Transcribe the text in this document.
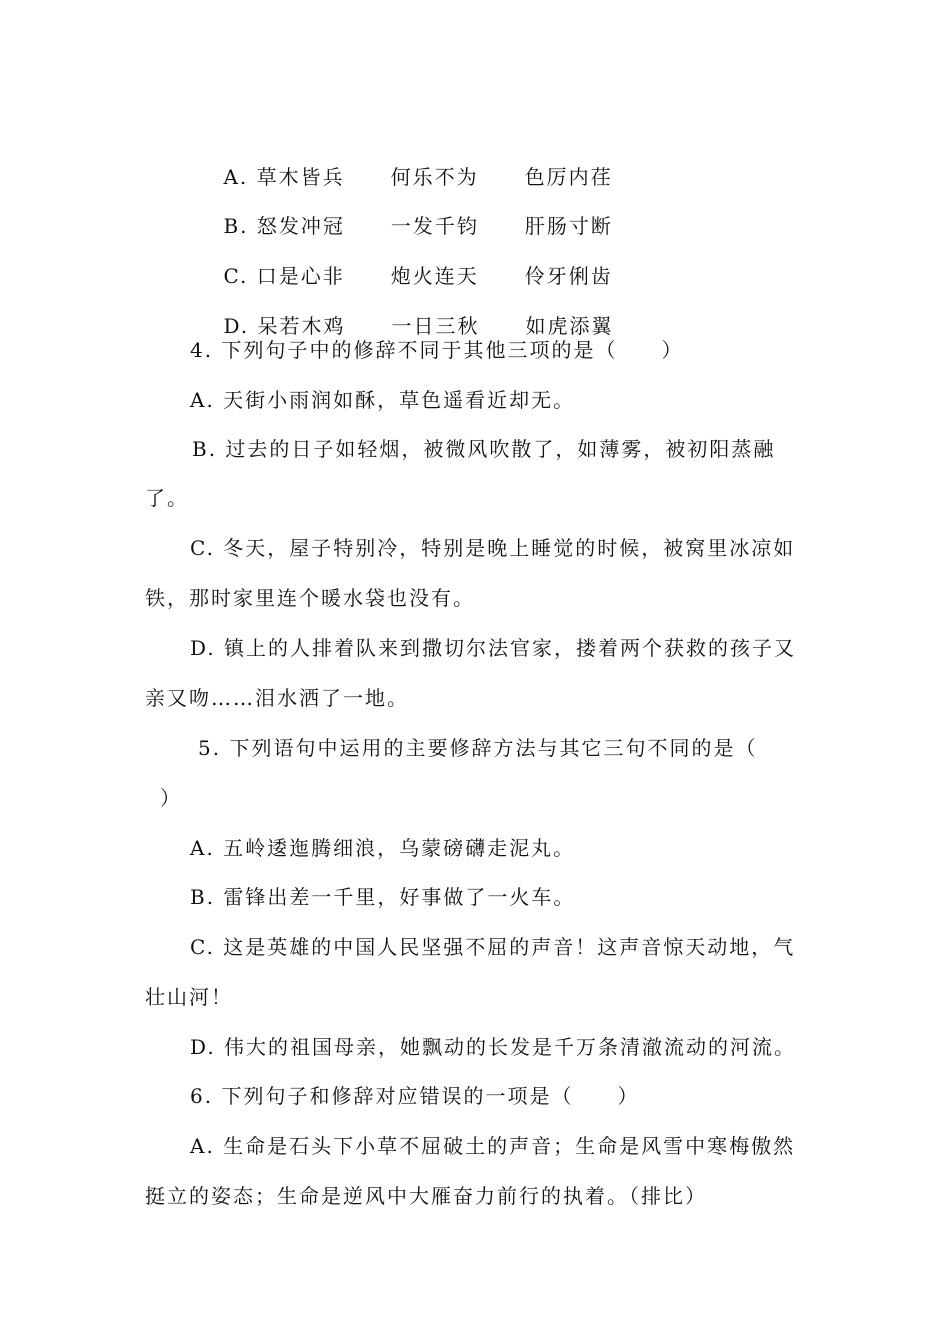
A. 草木皆兵 何乐不为 色厉内荏

B. 怒发冲冠 一发千钧 肝肠寸断

C. 口是心非 炮火连天 伶牙俐齿

D. 呆若木鸡 一日三秋 如虎添翼

4. 下列句子中的修辞不同于其他三项的是（　　）
A. 天街小雨润如酥，草色遥看近却无。
B. 过去的日子如轻烟，被微风吹散了，如薄雾，被初阳蒸融
了。
C. 冬天，屋子特别冷，特别是晚上睡觉的时候，被窝里冰凉如
铁，那时家里连个暖水袋也没有。
D. 镇上的人排着队来到撒切尔法官家，搂着两个获救的孩子又
亲又吻……泪水洒了一地。
5. 下列语句中运用的主要修辞方法与其它三句不同的是（
）
A. 五岭逶迤腾细浪，乌蒙磅礴走泥丸。
B. 雷锋出差一千里，好事做了一火车。
C. 这是英雄的中国人民坚强不屈的声音！这声音惊天动地，气
壮山河！
D. 伟大的祖国母亲，她飘动的长发是千万条清澈流动的河流。
6. 下列句子和修辞对应错误的一项是（　　）
A. 生命是石头下小草不屈破土的声音；生命是风雪中寒梅傲然
挺立的姿态；生命是逆风中大雁奋力前行的执着。（排比）
